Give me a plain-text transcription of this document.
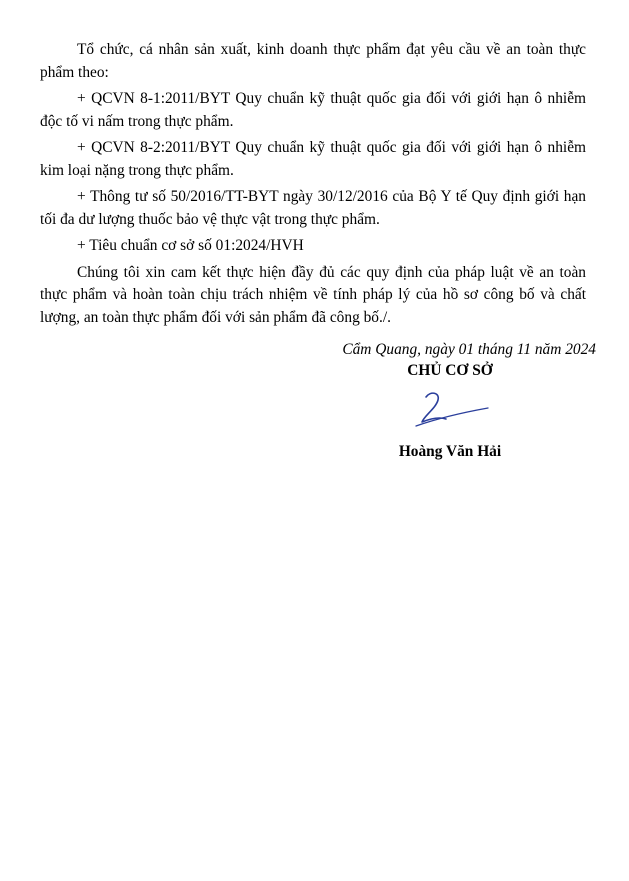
Tổ chức, cá nhân sản xuất, kinh doanh thực phẩm đạt yêu cầu về an toàn thực phẩm theo:

+ QCVN 8-1:2011/BYT Quy chuẩn kỹ thuật quốc gia đối với giới hạn ô nhiễm độc tố vi nấm trong thực phẩm.

+ QCVN 8-2:2011/BYT Quy chuẩn kỹ thuật quốc gia đối với giới hạn ô nhiễm kim loại nặng trong thực phẩm.

+ Thông tư số 50/2016/TT-BYT ngày 30/12/2016 của Bộ Y tế Quy định giới hạn tối đa dư lượng thuốc bảo vệ thực vật trong thực phẩm.

+ Tiêu chuẩn cơ sở số 01:2024/HVH

Chúng tôi xin cam kết thực hiện đầy đủ các quy định của pháp luật về an toàn thực phẩm và hoàn toàn chịu trách nhiệm về tính pháp lý của hồ sơ công bố và chất lượng, an toàn thực phẩm đối với sản phẩm đã công bố./.

Cẩm Quang, ngày 01 tháng 11 năm 2024
CHỦ CƠ SỞ
Hoàng Văn Hải
